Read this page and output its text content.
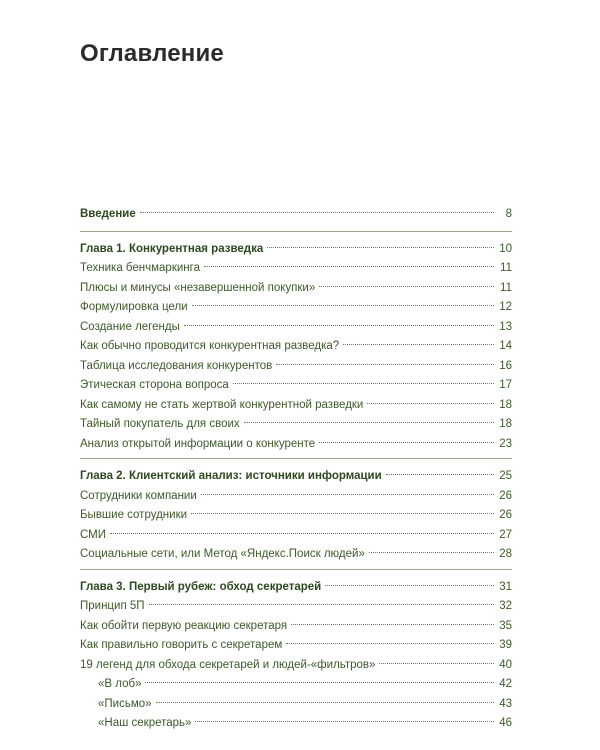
Оглавление
Введение	8
Глава 1. Конкурентная разведка	10
Техника бенчмаркинга	11
Плюсы и минусы «незавершенной покупки»	11
Формулировка цели	12
Создание легенды	13
Как обычно проводится конкурентная разведка?	14
Таблица исследования конкурентов	16
Этическая сторона вопроса	17
Как самому не стать жертвой конкурентной разведки	18
Тайный покупатель для своих	18
Анализ открытой информации о конкуренте	23
Глава 2. Клиентский анализ: источники информации	25
Сотрудники компании	26
Бывшие сотрудники	26
СМИ	27
Социальные сети, или Метод «Яндекс.Поиск людей»	28
Глава 3. Первый рубеж: обход секретарей	31
Принцип 5П	32
Как обойти первую реакцию секретаря	35
Как правильно говорить с секретарем	39
19 легенд для обхода секретарей и людей-«фильтров»	40
«В лоб»	42
«Письмо»	43
«Наш секретарь»	46
